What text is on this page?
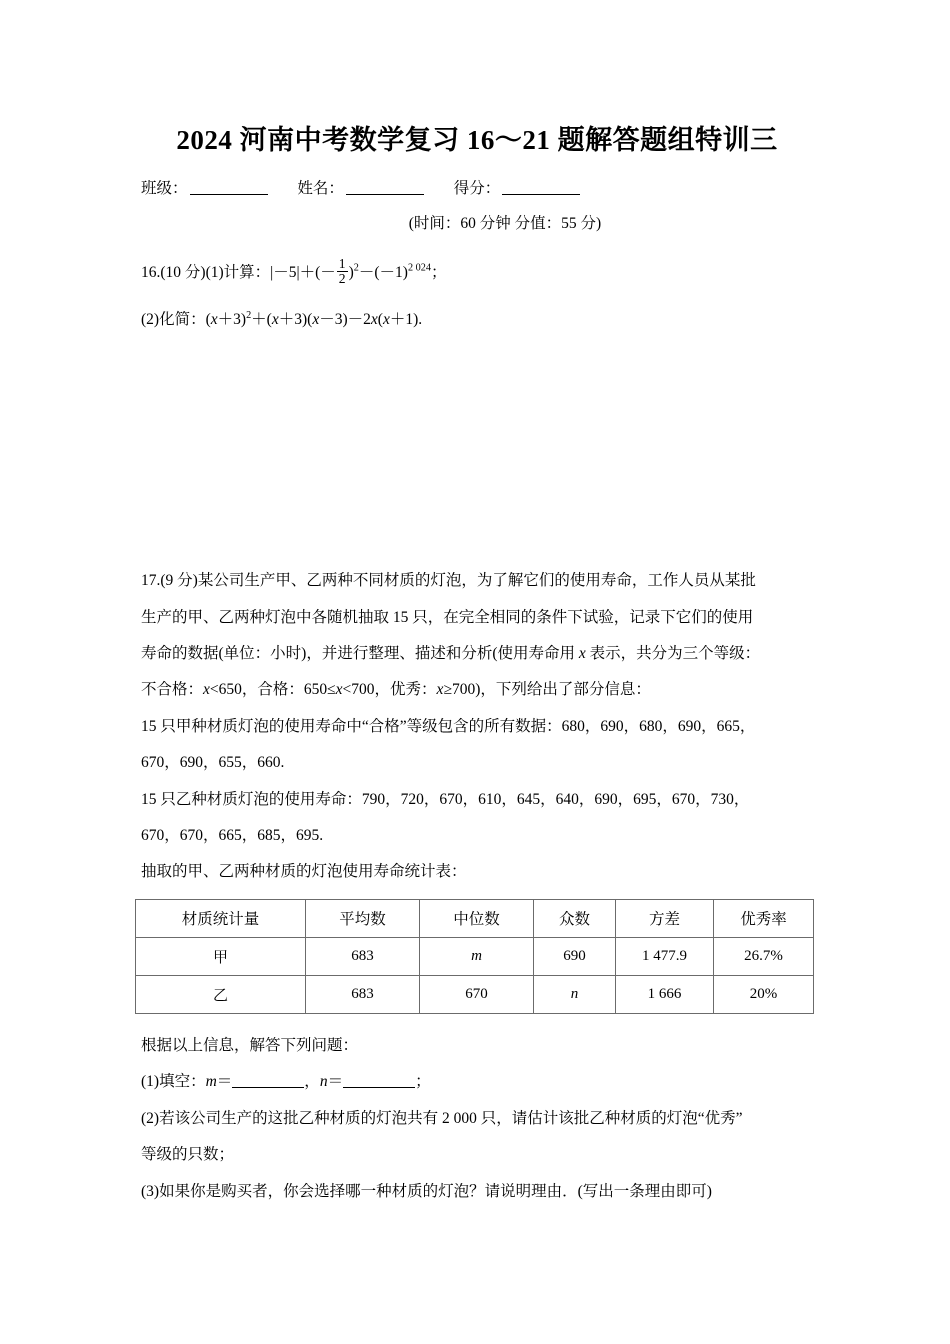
2024 河南中考数学复习 16～21 题解答题组特训三
班级：	姓名：	得分：
(时间：60 分钟 分值：55 分)
16.(10 分)(1)计算：$|-5|+(- \frac{1}{2} )^2-(-1)^{2 024}$；
(2)化简：$(x+3)^2+(x+3)(x-3)-2x(x+1)$.
17.(9 分)某公司生产甲、乙两种不同材质的灯泡，为了解它们的使用寿命，工作人员从某批
生产的甲、乙两种灯泡中各随机抽取 15 只，在完全相同的条件下试验，记录下它们的使用
寿命的数据(单位：小时)，并进行整理、描述和分析(使用寿命用 x 表示，共分为三个等级：
不合格：x<650，合格：650≤x<700，优秀：x≥700)，下列给出了部分信息：
15 只甲种材质灯泡的使用寿命中“合格”等级包含的所有数据：680，690，680，690，665，
670，690，655，660.
15 只乙种材质灯泡的使用寿命：790，720，670，610，645，640，690，695，670，730，
670，670，665，685，695.
抽取的甲、乙两种材质的灯泡使用寿命统计表：
材质统计量	平均数	中位数	众数	方差	优秀率
甲	683	m	690	1 477.9	26.7%
乙	683	670	n	1 666	20%
根据以上信息，解答下列问题：
(1)填空：m＝	，n＝	；
(2)若该公司生产的这批乙种材质的灯泡共有 2 000 只，请估计该批乙种材质的灯泡“优秀”
等级的只数；
(3)如果你是购买者，你会选择哪一种材质的灯泡？请说明理由．(写出一条理由即可)
